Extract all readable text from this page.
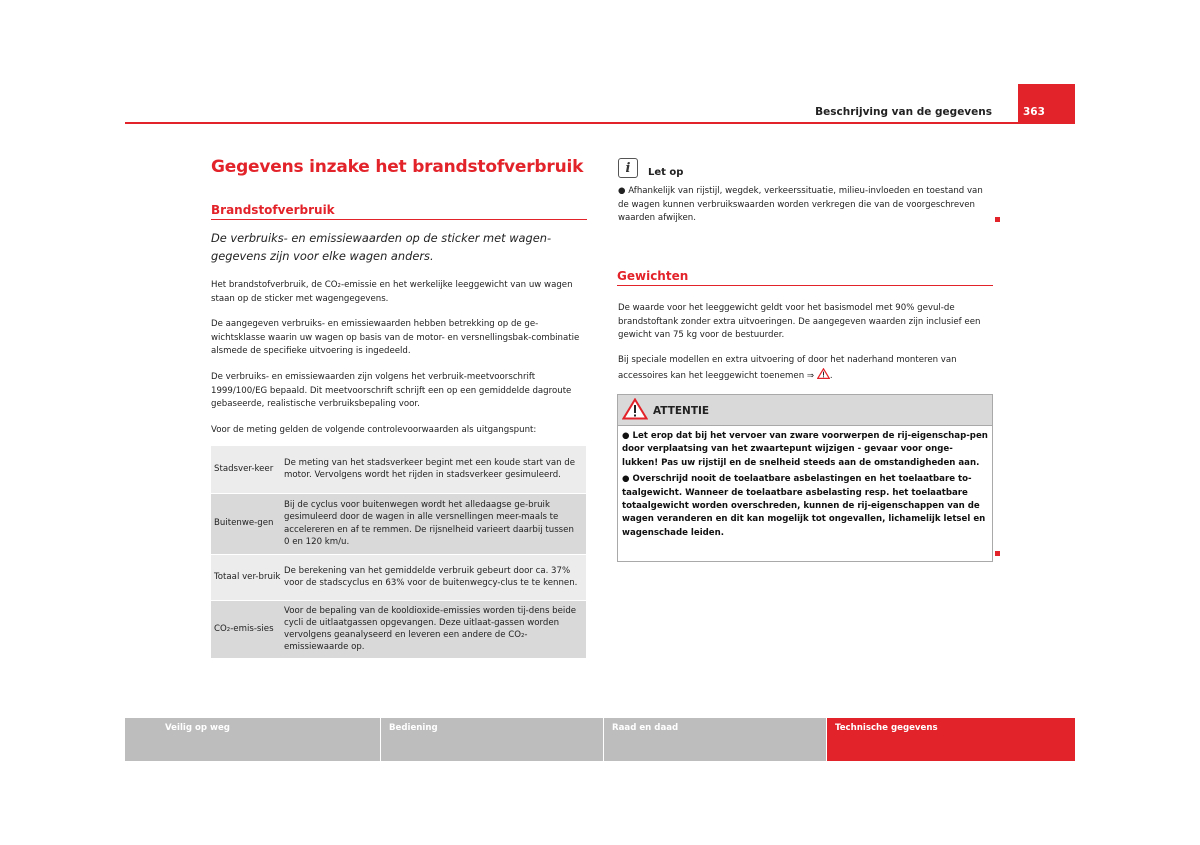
Beschrijving van de gegevens	363
Gegevens inzake het brandstofverbruik
Brandstofverbruik
De verbruiks- en emissiewaarden op de sticker met wagen-gegevens zijn voor elke wagen anders.
Het brandstofverbruik, de CO₂-emissie en het werkelijke leeggewicht van uw wagen staan op de sticker met wagengegevens.
De aangegeven verbruiks- en emissiewaarden hebben betrekking op de ge-wichtsklasse waarin uw wagen op basis van de motor- en versnellingsbak-combinatie alsmede de specifieke uitvoering is ingedeeld.
De verbruiks- en emissiewaarden zijn volgens het verbruik-meetvoorschrift 1999/100/EG bepaald. Dit meetvoorschrift schrijft een op een gemiddelde dagroute gebaseerde, realistische verbruiksbepaling voor.
Voor de meting gelden de volgende controlevoorwaarden als uitgangspunt:
Stadsver-keer	De meting van het stadsverkeer begint met een koude start van de motor. Vervolgens wordt het rijden in stadsverkeer gesimuleerd.
Buitenwe-gen	Bij de cyclus voor buitenwegen wordt het alledaagse ge-bruik gesimuleerd door de wagen in alle versnellingen meer-maals te accelereren en af te remmen. De rijsnelheid varieert daarbij tussen 0 en 120 km/u.
Totaal ver-bruik	De berekening van het gemiddelde verbruik gebeurt door ca. 37% voor de stadscyclus en 63% voor de buitenwegcy-clus te te kennen.
CO₂-emis-sies	Voor de bepaling van de kooldioxide-emissies worden tij-dens beide cycli de uitlaatgassen opgevangen. Deze uitlaat-gassen worden vervolgens geanalyseerd en leveren een andere de CO₂-emissiewaarde op.
i Let op
● Afhankelijk van rijstijl, wegdek, verkeerssituatie, milieu-invloeden en toestand van de wagen kunnen verbruikswaarden worden verkregen die van de voorgeschreven waarden afwijken.
Gewichten
De waarde voor het leeggewicht geldt voor het basismodel met 90% gevul-de brandstoftank zonder extra uitvoeringen. De aangegeven waarden zijn inclusief een gewicht van 75 kg voor de bestuurder.
Bij speciale modellen en extra uitvoering of door het naderhand monteren van accessoires kan het leeggewicht toenemen ⇒ .
ATTENTIE
● Let erop dat bij het vervoer van zware voorwerpen de rij-eigenschap-pen door verplaatsing van het zwaartepunt wijzigen - gevaar voor onge-lukken! Pas uw rijstijl en de snelheid steeds aan de omstandigheden aan.
● Overschrijd nooit de toelaatbare asbelastingen en het toelaatbare to-taalgewicht. Wanneer de toelaatbare asbelasting resp. het toelaatbare totaalgewicht worden overschreden, kunnen de rij-eigenschappen van de wagen veranderen en dit kan mogelijk tot ongevallen, lichamelijk letsel en wagenschade leiden.
Veilig op weg	Bediening	Raad en daad	Technische gegevens
